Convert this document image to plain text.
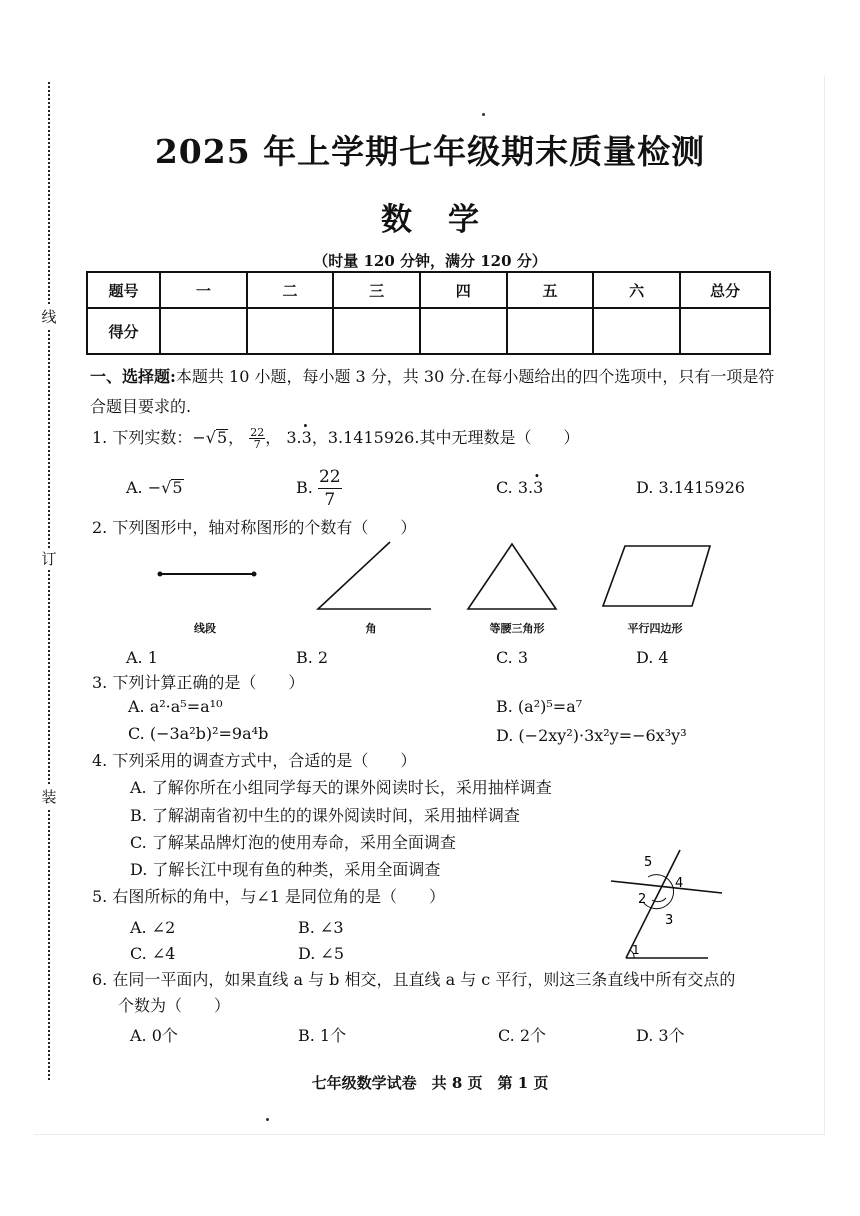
线
订
装
2025 年上学期七年级期末质量检测
数学
（时量 120 分钟，满分 120 分）
题号	一	二	三	四	五	六	总分
得分							
一、选择题:本题共 10 小题，每小题 3 分，共 30 分.在每小题给出的四个选项中，只有一项是符合题目要求的.
1. 下列实数：−√5， $\frac{22}{7}$ ， 3.· 3，3.1415926.其中无理数是（　　）
A. −√5	B. $\frac{22}{7}$	C. 3.· 3	D. 3.1415926
2. 下列图形中，轴对称图形的个数有（　　）
线段	角	等腰三角形	平行四边形
A. 1	B. 2	C. 3	D. 4
3. 下列计算正确的是（　　）
A. a²·a⁵=a¹⁰	B. (a²)⁵=a⁷
C. (−3a²b)²=9a⁴b	D. (−2xy²)·3x²y=−6x³y³
4. 下列采用的调查方式中，合适的是（　　）
A. 了解你所在小组同学每天的课外阅读时长，采用抽样调查
B. 了解湖南省初中生的的课外阅读时间，采用抽样调查
C. 了解某品牌灯泡的使用寿命，采用全面调查
D. 了解长江中现有鱼的种类，采用全面调查
5. 右图所标的角中，与∠1 是同位角的是（　　）
A. ∠2	B. ∠3
C. ∠4	D. ∠5	1
2
3
4
5
6. 在同一平面内，如果直线 a 与 b 相交，且直线 a 与 c 平行，则这三条直线中所有交点的
个数为（　　）
A. 0个	B. 1个	C. 2个	D. 3个
七年级数学试卷　共 8 页　第 1 页
